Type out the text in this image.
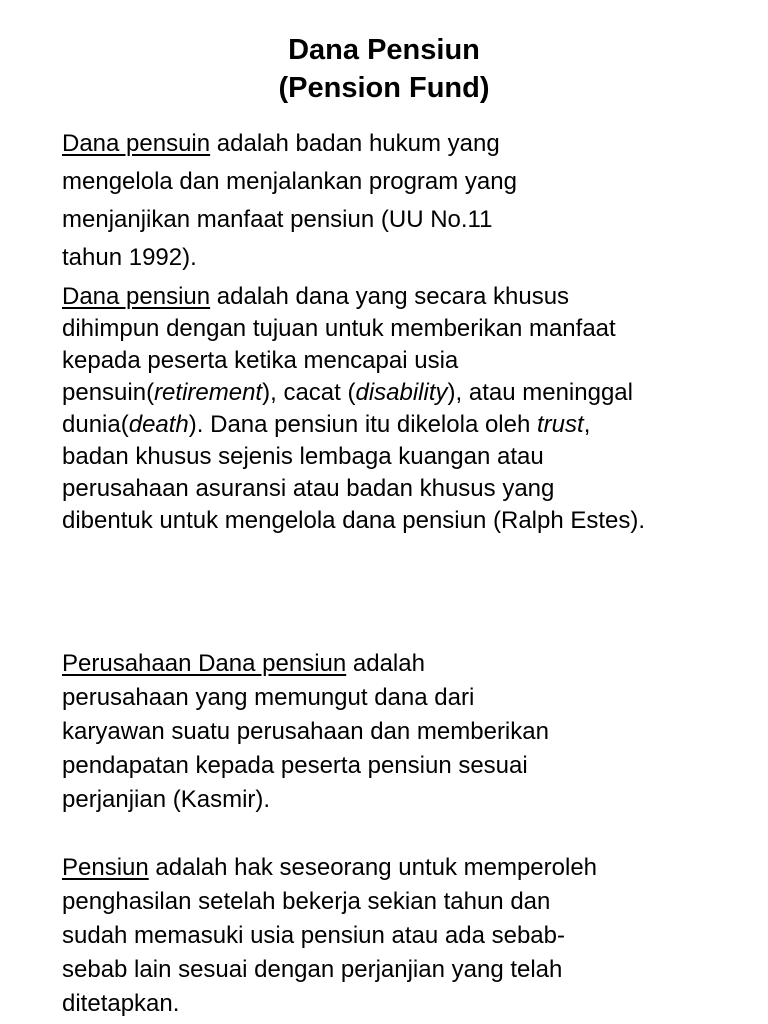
Dana Pensiun
(Pension Fund)
Dana pensuin adalah badan hukum yang
mengelola dan menjalankan program yang
menjanjikan manfaat pensiun (UU No.11
tahun 1992).
Dana pensiun adalah dana yang secara khusus
dihimpun dengan tujuan untuk memberikan manfaat
kepada peserta ketika mencapai usia
pensuin(retirement), cacat (disability), atau meninggal
dunia(death). Dana pensiun itu dikelola oleh trust,
badan khusus sejenis lembaga kuangan atau
perusahaan asuransi atau badan khusus yang
dibentuk untuk mengelola dana pensiun (Ralph Estes).
Perusahaan Dana pensiun adalah
perusahaan yang memungut dana dari
karyawan suatu perusahaan dan memberikan
pendapatan kepada peserta pensiun sesuai
perjanjian (Kasmir).
Pensiun adalah hak seseorang untuk memperoleh
penghasilan setelah bekerja sekian tahun dan
sudah memasuki usia pensiun atau ada sebab-
sebab lain sesuai dengan perjanjian yang telah
ditetapkan.
